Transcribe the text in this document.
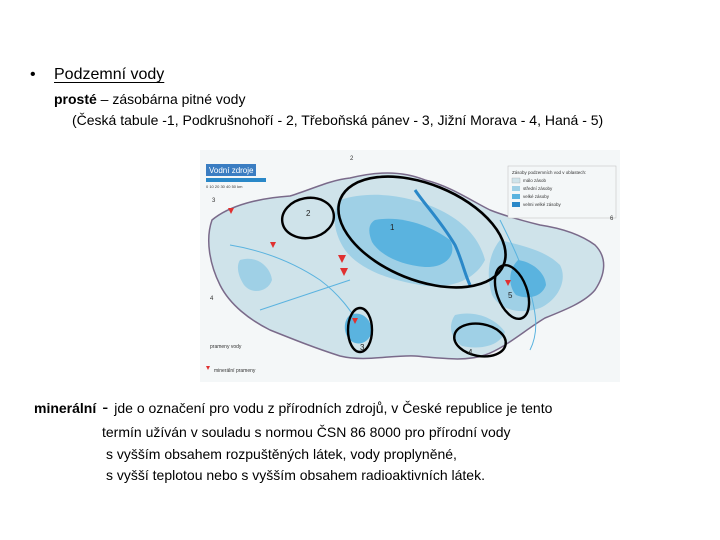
•	Podzemní vody
prosté – zásobárna pitné vody
(Česká tabule -1, Podkrušnohoří - 2, Třeboňská pánev - 3, Jižní Morava - 4, Haná - 5)
Vodní zdroje
0 10 20 30 40 50 km
Zásoby podzemních vod v oblastech:
málo zásob
střední zásoby
velké zásoby
velmi velké zásoby
prameny vody
minerální prameny
2
3
4
6
2
1
5
3
4
minerální - jde o označení pro vodu z přírodních zdrojů, v České republice je tento
termín užíván v souladu s normou ČSN 86 8000 pro přírodní vody
s vyšším obsahem rozpuštěných látek, vody proplyněné,
s vyšší teplotou nebo s vyšším obsahem radioaktivních látek.
